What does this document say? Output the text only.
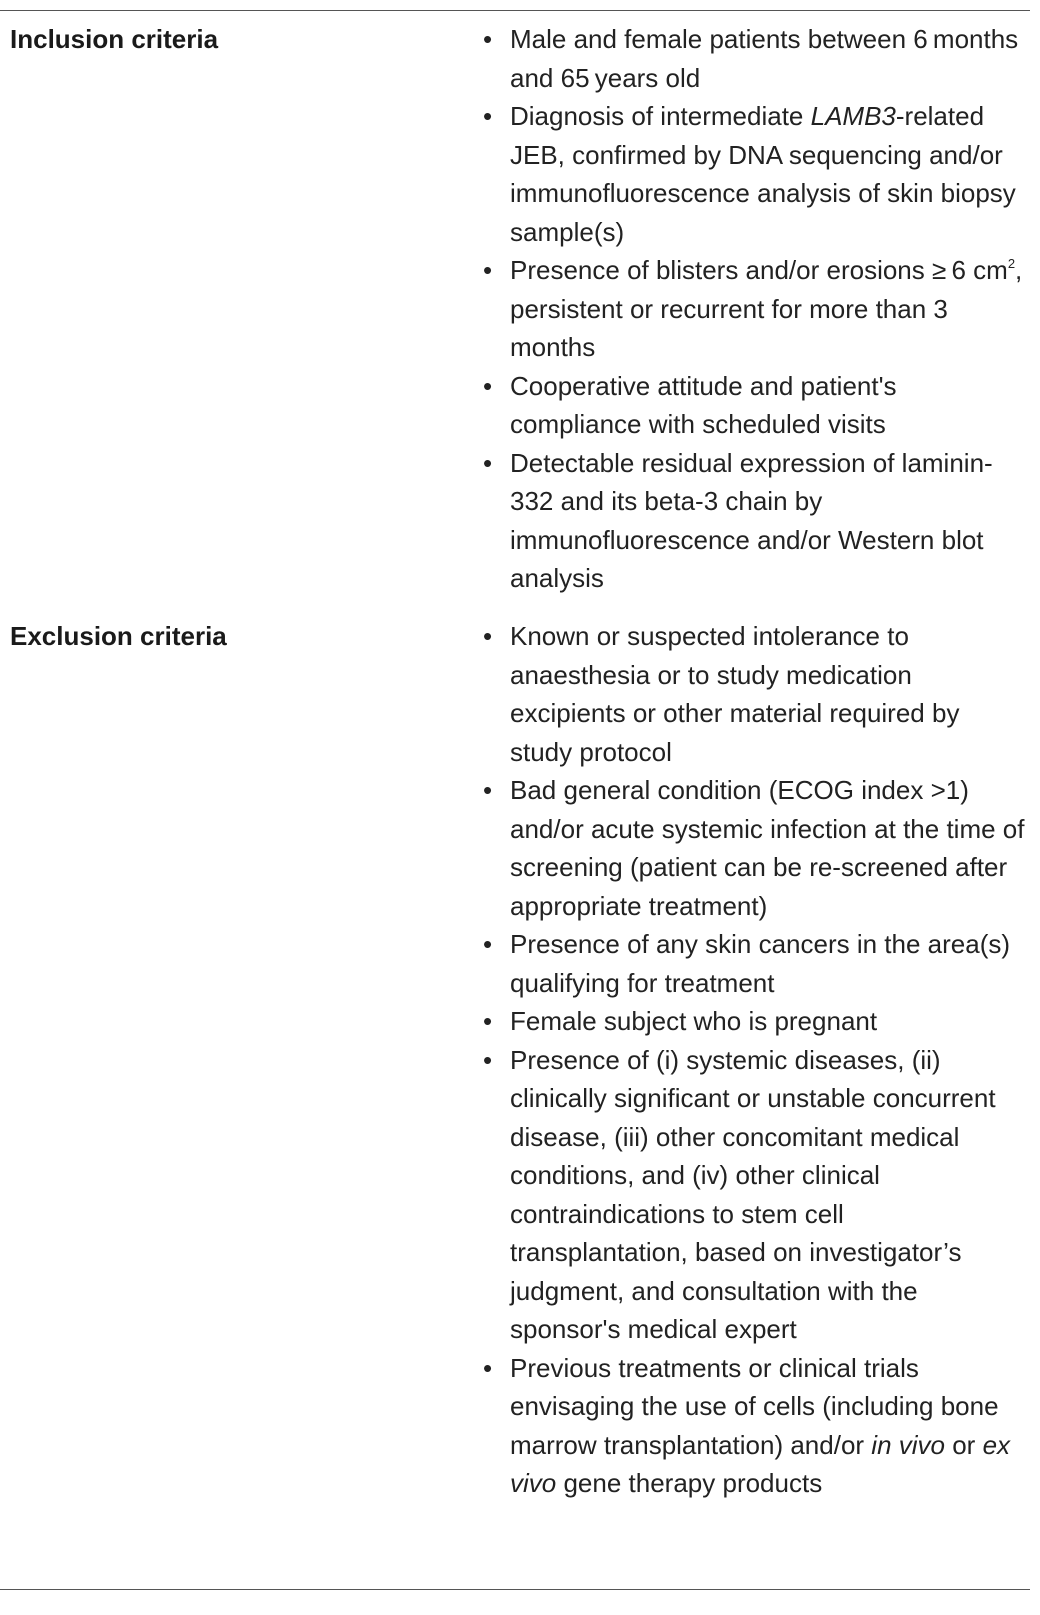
Inclusion criteria	• Male and female patients between 6 months and 65 years old
• Diagnosis of intermediate LAMB3-related JEB, confirmed by DNA sequencing and/or immunofluorescence analysis of skin biopsy sample(s)
• Presence of blisters and/or erosions ≥ 6 $cm^2$, persistent or recurrent for more than 3 months
• Cooperative attitude and patient's compliance with scheduled visits
• Detectable residual expression of laminin-332 and its beta-3 chain by immunofluorescence and/or Western blot analysis
Exclusion criteria	• Known or suspected intolerance to anaesthesia or to study medication excipients or other material required by study protocol
• Bad general condition (ECOG index >1) and/or acute systemic infection at the time of screening (patient can be re-screened after appropriate treatment)
• Presence of any skin cancers in the area(s) qualifying for treatment
• Female subject who is pregnant
• Presence of (i) systemic diseases, (ii) clinically significant or unstable concurrent disease, (iii) other concomitant medical conditions, and (iv) other clinical contraindications to stem cell transplantation, based on investigator’s judgment, and consultation with the sponsor's medical expert
• Previous treatments or clinical trials envisaging the use of cells (including bone marrow transplantation) and/or in vivo or ex vivo gene therapy products
